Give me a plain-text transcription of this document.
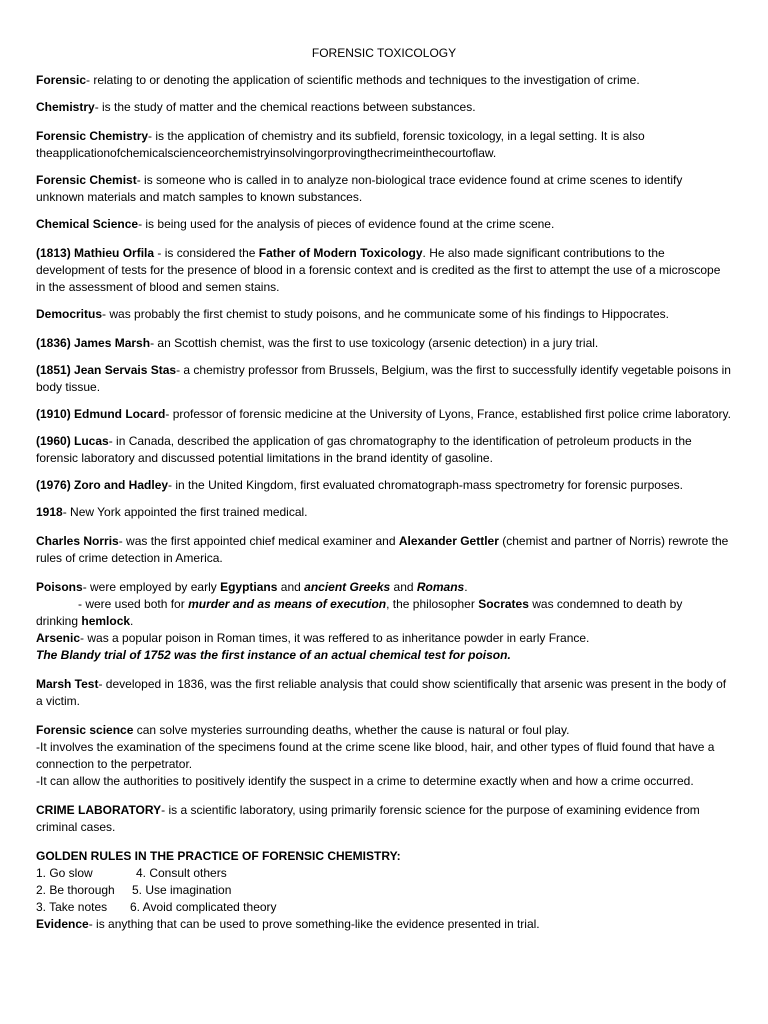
FORENSIC TOXICOLOGY

Forensic- relating to or denoting the application of scientific methods and techniques to the investigation of crime.

Chemistry- is the study of matter and the chemical reactions between substances.

Forensic Chemistry- is the application of chemistry and its subfield, forensic toxicology, in a legal setting. It is also
theapplicationofchemicalscienceorchemistryinsolvingorprovingthecrimeinthecourtoflaw.

Forensic Chemist- is someone who is called in to analyze non-biological trace evidence found at crime scenes to identify unknown materials and match samples to known substances.

Chemical Science- is being used for the analysis of pieces of evidence found at the crime scene.

(1813) Mathieu Orfila - is considered the Father of Modern Toxicology. He also made significant contributions to the development of tests for the presence of blood in a forensic context and is credited as the first to attempt the use of a microscope in the assessment of blood and semen stains.

Democritus- was probably the first chemist to study poisons, and he communicate some of his findings to Hippocrates.

(1836) James Marsh- an Scottish chemist, was the first to use toxicology (arsenic detection) in a jury trial.

(1851) Jean Servais Stas- a chemistry professor from Brussels, Belgium, was the first to successfully identify vegetable poisons in body tissue.

(1910) Edmund Locard- professor of forensic medicine at the University of Lyons, France, established first police crime laboratory.

(1960) Lucas- in Canada, described the application of gas chromatography to the identification of petroleum products in the forensic laboratory and discussed potential limitations in the brand identity of gasoline.

(1976) Zoro and Hadley- in the United Kingdom, first evaluated chromatograph-mass spectrometry for forensic purposes.

1918- New York appointed the first trained medical.

Charles Norris- was the first appointed chief medical examiner and Alexander Gettler (chemist and partner of Norris) rewrote the rules of crime detection in America.

Poisons- were employed by early Egyptians and ancient Greeks and Romans.

- were used both for murder and as means of execution, the philosopher Socrates was condemned to death by

drinking hemlock.

Arsenic- was a popular poison in Roman times, it was reffered to as inheritance powder in early France.

The Blandy trial of 1752 was the first instance of an actual chemical test for poison.

Marsh Test- developed in 1836, was the first reliable analysis that could show scientifically that arsenic was present in the body of a victim.

Forensic science can solve mysteries surrounding deaths, whether the cause is natural or foul play.

-It involves the examination of the specimens found at the crime scene like blood, hair, and other types of fluid found that have a connection to the perpetrator.

-It can allow the authorities to positively identify the suspect in a crime to determine exactly when and how a crime occurred.

CRIME LABORATORY- is a scientific laboratory, using primarily forensic science for the purpose of examining evidence from criminal cases.

GOLDEN RULES IN THE PRACTICE OF FORENSIC CHEMISTRY:

1. Go slow	4. Consult others

2. Be thorough 5. Use imagination

3. Take notes 6. Avoid complicated theory

Evidence- is anything that can be used to prove something-like the evidence presented in trial.
